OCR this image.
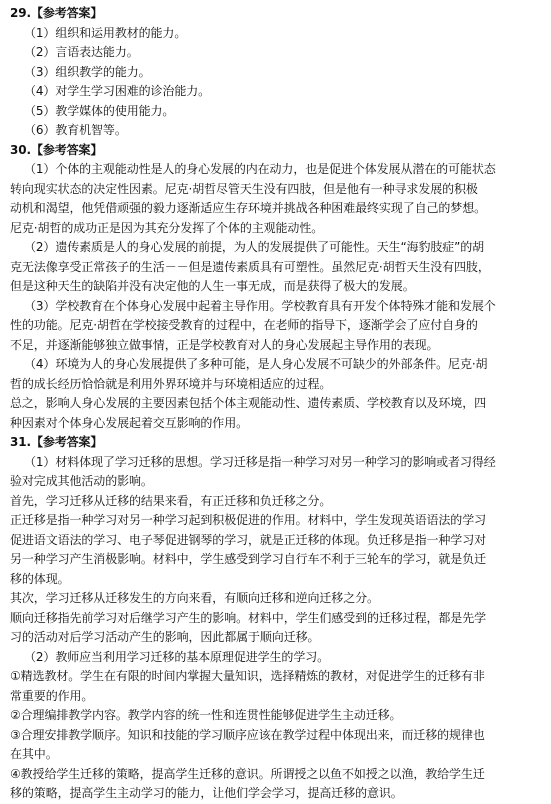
29.【参考答案】
（1）组织和运用教材的能力。
（2）言语表达能力。
（3）组织教学的能力。
（4）对学生学习困难的诊治能力。
（5）教学媒体的使用能力。
（6）教育机智等。
30.【参考答案】
（1）个体的主观能动性是人的身心发展的内在动力，也是促进个体发展从潜在的可能状态
转向现实状态的决定性因素。尼克·胡哲尽管天生没有四肢，但是他有一种寻求发展的积极
动机和渴望，他凭借顽强的毅力逐渐适应生存环境并挑战各种困难最终实现了自己的梦想。
尼克·胡哲的成功正是因为其充分发挥了个体的主观能动性。
（2）遗传素质是人的身心发展的前提，为人的发展提供了可能性。天生“海豹肢症”的胡
克无法像享受正常孩子的生活－－但是遗传素质具有可塑性。虽然尼克·胡哲天生没有四肢，
但是这种天生的缺陷并没有决定他的人生一事无成，而是获得了极大的发展。
（3）学校教育在个体身心发展中起着主导作用。学校教育具有开发个体特殊才能和发展个
性的功能。尼克·胡哲在学校接受教育的过程中，在老师的指导下，逐渐学会了应付自身的
不足，并逐渐能够独立做事情，正是学校教育对人的身心发展起主导作用的表现。
（4）环境为人的身心发展提供了多种可能，是人身心发展不可缺少的外部条件。尼克·胡
哲的成长经历恰恰就是利用外界环境并与环境相适应的过程。
总之，影响人身心发展的主要因素包括个体主观能动性、遗传素质、学校教育以及环境，四
种因素对个体身心发展起着交互影响的作用。
31.【参考答案】
（1）材料体现了学习迁移的思想。学习迁移是指一种学习对另一种学习的影响或者习得经
验对完成其他活动的影响。
首先，学习迁移从迁移的结果来看，有正迁移和负迁移之分。
正迁移是指一种学习对另一种学习起到积极促进的作用。材料中，学生发现英语语法的学习
促进语文语法的学习、电子琴促进钢琴的学习，就是正迁移的体现。负迁移是指一种学习对
另一种学习产生消极影响。材料中，学生感受到学习自行车不利于三轮车的学习，就是负迁
移的体现。
其次，学习迁移从迁移发生的方向来看，有顺向迁移和逆向迁移之分。
顺向迁移指先前学习对后继学习产生的影响。材料中，学生们感受到的迁移过程，都是先学
习的活动对后学习活动产生的影响，因此都属于顺向迁移。
（2）教师应当利用学习迁移的基本原理促进学生的学习。
①精选教材。学生在有限的时间内掌握大量知识，选择精炼的教材，对促进学生的迁移有非
常重要的作用。
②合理编排教学内容。教学内容的统一性和连贯性能够促进学生主动迁移。
③合理安排教学顺序。知识和技能的学习顺序应该在教学过程中体现出来，而迁移的规律也
在其中。
④教授给学生迁移的策略，提高学生迁移的意识。所谓授之以鱼不如授之以渔，教给学生迁
移的策略，提高学生主动学习的能力，让他们学会学习，提高迁移的意识。
